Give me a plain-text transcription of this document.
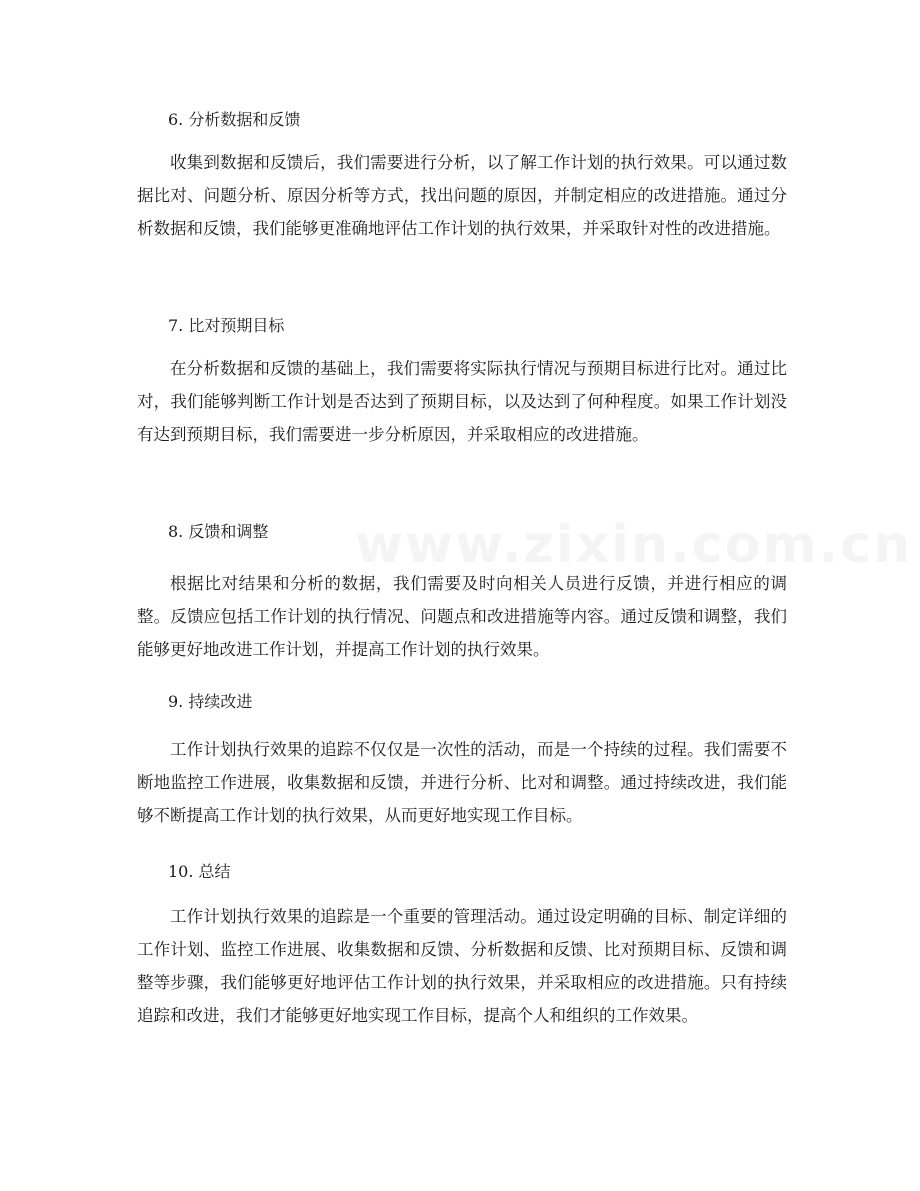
6. 分析数据和反馈
收集到数据和反馈后，我们需要进行分析，以了解工作计划的执行效果。可以通过数据比对、问题分析、原因分析等方式，找出问题的原因，并制定相应的改进措施。通过分析数据和反馈，我们能够更准确地评估工作计划的执行效果，并采取针对性的改进措施。
7. 比对预期目标
在分析数据和反馈的基础上，我们需要将实际执行情况与预期目标进行比对。通过比对，我们能够判断工作计划是否达到了预期目标，以及达到了何种程度。如果工作计划没有达到预期目标，我们需要进一步分析原因，并采取相应的改进措施。
8. 反馈和调整
根据比对结果和分析的数据，我们需要及时向相关人员进行反馈，并进行相应的调整。反馈应包括工作计划的执行情况、问题点和改进措施等内容。通过反馈和调整，我们能够更好地改进工作计划，并提高工作计划的执行效果。
9. 持续改进
工作计划执行效果的追踪不仅仅是一次性的活动，而是一个持续的过程。我们需要不断地监控工作进展，收集数据和反馈，并进行分析、比对和调整。通过持续改进，我们能够不断提高工作计划的执行效果，从而更好地实现工作目标。
10. 总结
工作计划执行效果的追踪是一个重要的管理活动。通过设定明确的目标、制定详细的工作计划、监控工作进展、收集数据和反馈、分析数据和反馈、比对预期目标、反馈和调整等步骤，我们能够更好地评估工作计划的执行效果，并采取相应的改进措施。只有持续追踪和改进，我们才能够更好地实现工作目标，提高个人和组织的工作效果。
